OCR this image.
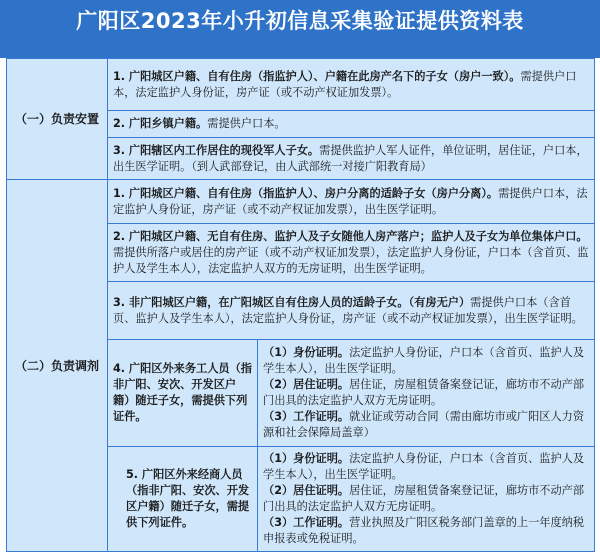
广阳区2023年小升初信息采集验证提供资料表
（一）负责安置	1. 广阳城区户籍、自有住房（指监护人）、户籍在此房产名下的子女（房户一致）。需提供户口本，法定监护人身份证，房产证（或不动产权证加发票）。	
	2. 广阳乡镇户籍。需提供户口本。	
	3. 广阳辖区内工作居住的现役军人子女。需提供监护人军人证件，单位证明，居住证，户口本，出生医学证明。（到人武部登记，由人武部统一对接广阳教育局）	
（二）负责调剂	1. 广阳城区户籍、自有住房（指监护人）、房户分离的适龄子女（房户分离）。需提供户口本，法定监护人身份证，房产证（或不动产权证加发票），出生医学证明。	
	2. 广阳城区户籍、无自有住房、监护人及子女随他人房产落户；监护人及子女为单位集体户口。需提供所落户或居住的房产证（或不动产权证加发票），法定监护人身份证，户口本（含首页、监护人及学生本人），法定监护人双方的无房证明，出生医学证明。	
	3. 非广阳城区户籍，在广阳城区自有住房人员的适龄子女。（有房无户）需提供户口本（含首页、监护人及学生本人），法定监护人身份证，房产证（或不动产权证加发票），出生医学证明。	
	4. 广阳区外来务工人员（指非广阳、安次、开发区户籍）随迁子女，需提供下列证件。	（1）身份证明。法定监护人身份证，户口本（含首页、监护人及学生本人），出生医学证明。
（2）居住证明。居住证，房屋租赁备案登记证，廊坊市不动产部门出具的法定监护人双方无房证明。
（3）工作证明。就业证或劳动合同（需由廊坊市或广阳区人力资源和社会保障局盖章）

	5. 广阳区外来经商人员（指非广阳、安次、开发区户籍）随迁子女，需提供下列证件。	（1）身份证明。法定监护人身份证，户口本（含首页、监护人及学生本人），出生医学证明。
（2）居住证明。居住证，房屋租赁备案登记证，廊坊市不动产部门出具的法定监护人双方无房证明。
（3）工作证明。营业执照及广阳区税务部门盖章的上一年度纳税申报表或免税证明。
